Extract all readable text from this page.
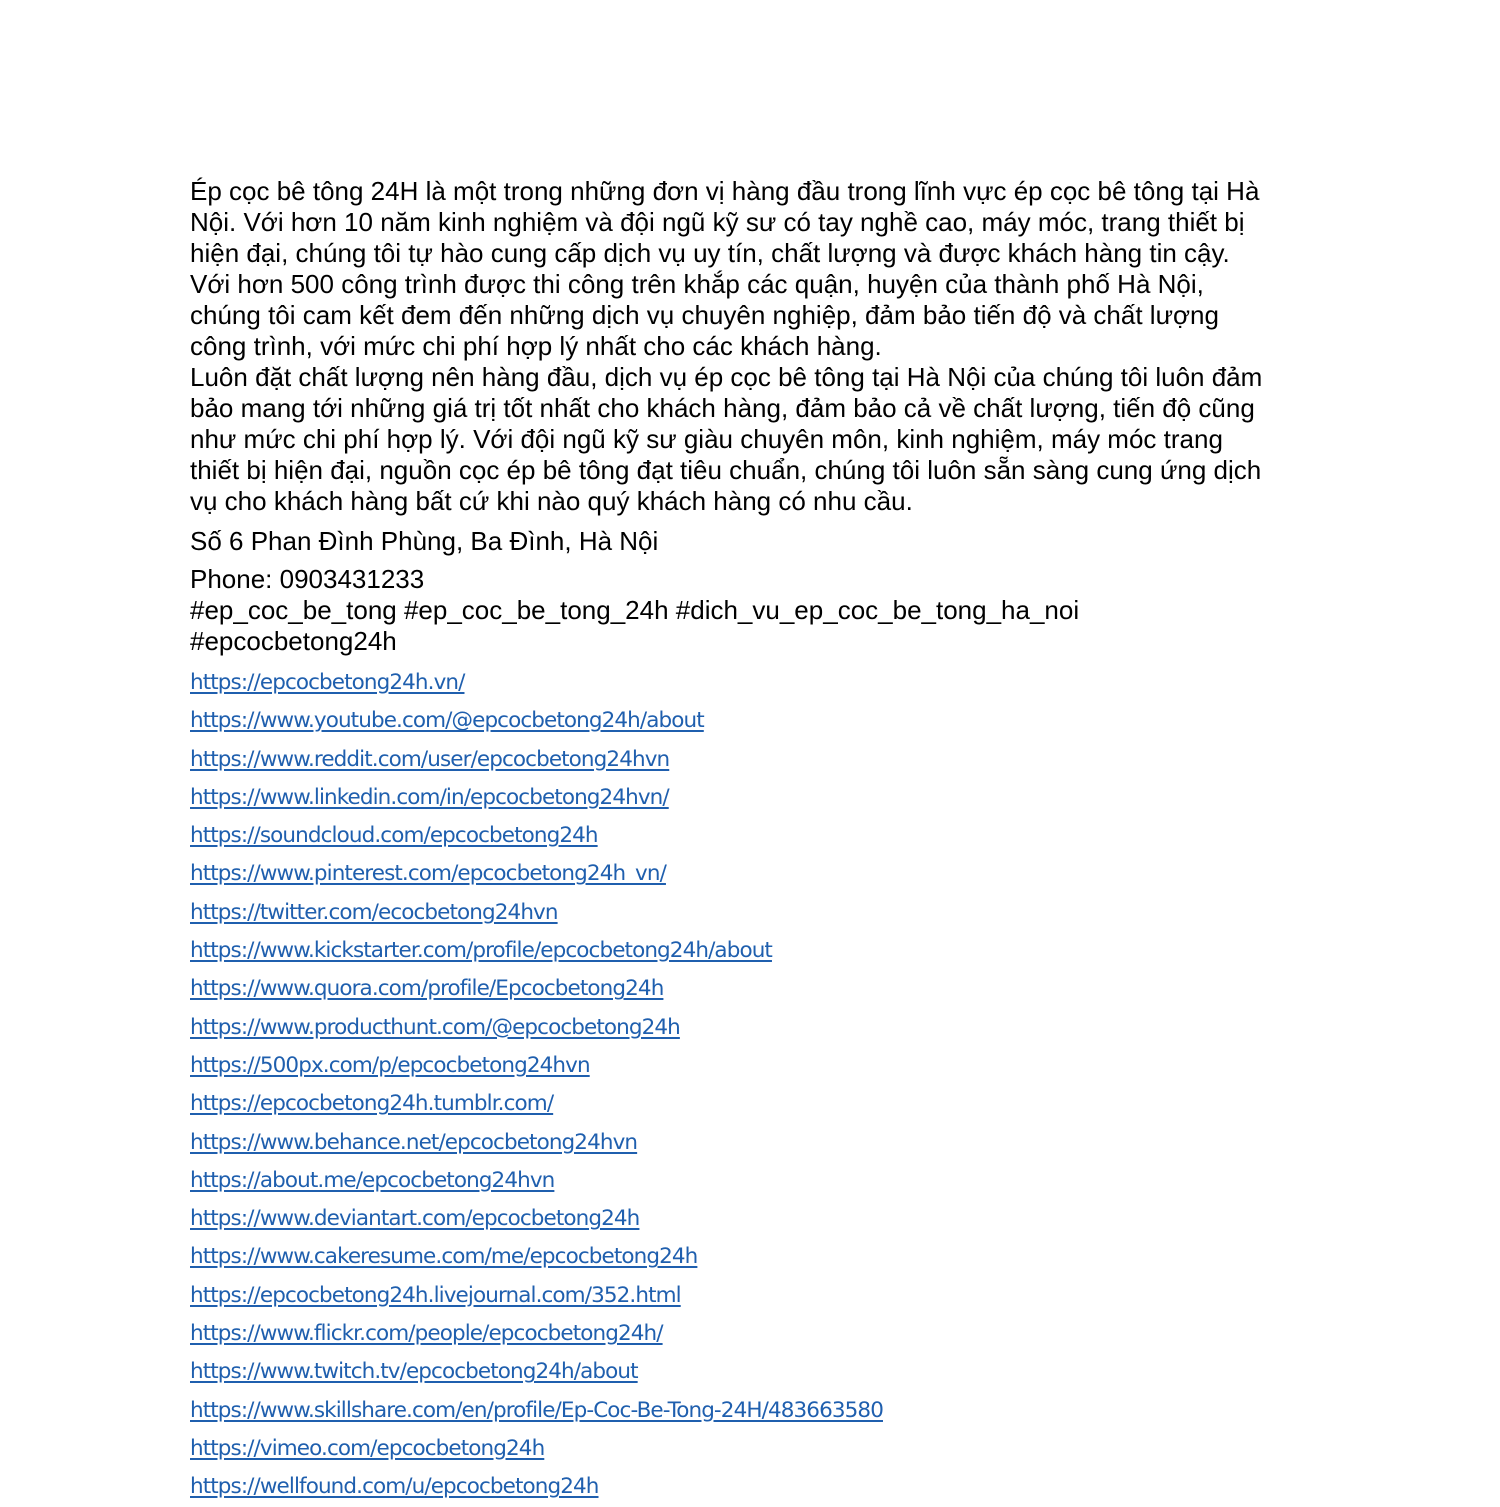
Ép cọc bê tông 24H là một trong những đơn vị hàng đầu trong lĩnh vực ép cọc bê tông tại Hà
Nội. Với hơn 10 năm kinh nghiệm và đội ngũ kỹ sư có tay nghề cao, máy móc, trang thiết bị
hiện đại, chúng tôi tự hào cung cấp dịch vụ uy tín, chất lượng và được khách hàng tin cậy.
Với hơn 500 công trình được thi công trên khắp các quận, huyện của thành phố Hà Nội,
chúng tôi cam kết đem đến những dịch vụ chuyên nghiệp, đảm bảo tiến độ và chất lượng
công trình, với mức chi phí hợp lý nhất cho các khách hàng.
Luôn đặt chất lượng nên hàng đầu, dịch vụ ép cọc bê tông tại Hà Nội của chúng tôi luôn đảm
bảo mang tới những giá trị tốt nhất cho khách hàng, đảm bảo cả về chất lượng, tiến độ cũng
như mức chi phí hợp lý. Với đội ngũ kỹ sư giàu chuyên môn, kinh nghiệm, máy móc trang
thiết bị hiện đại, nguồn cọc ép bê tông đạt tiêu chuẩn, chúng tôi luôn sẵn sàng cung ứng dịch
vụ cho khách hàng bất cứ khi nào quý khách hàng có nhu cầu.

Số 6 Phan Đình Phùng, Ba Đình, Hà Nội

Phone: 0903431233

#ep_coc_be_tong #ep_coc_be_tong_24h #dich_vu_ep_coc_be_tong_ha_noi

#epcocbetong24h

https://epcocbetong24h.vn/
https://www.youtube.com/@epcocbetong24h/about
https://www.reddit.com/user/epcocbetong24hvn
https://www.linkedin.com/in/epcocbetong24hvn/
https://soundcloud.com/epcocbetong24h
https://www.pinterest.com/epcocbetong24h_vn/
https://twitter.com/ecocbetong24hvn
https://www.kickstarter.com/profile/epcocbetong24h/about
https://www.quora.com/profile/Epcocbetong24h
https://www.producthunt.com/@epcocbetong24h
https://500px.com/p/epcocbetong24hvn
https://epcocbetong24h.tumblr.com/
https://www.behance.net/epcocbetong24hvn
https://about.me/epcocbetong24hvn
https://www.deviantart.com/epcocbetong24h
https://www.cakeresume.com/me/epcocbetong24h
https://epcocbetong24h.livejournal.com/352.html
https://www.flickr.com/people/epcocbetong24h/
https://www.twitch.tv/epcocbetong24h/about
https://www.skillshare.com/en/profile/Ep-Coc-Be-Tong-24H/483663580
https://vimeo.com/epcocbetong24h
https://wellfound.com/u/epcocbetong24h
